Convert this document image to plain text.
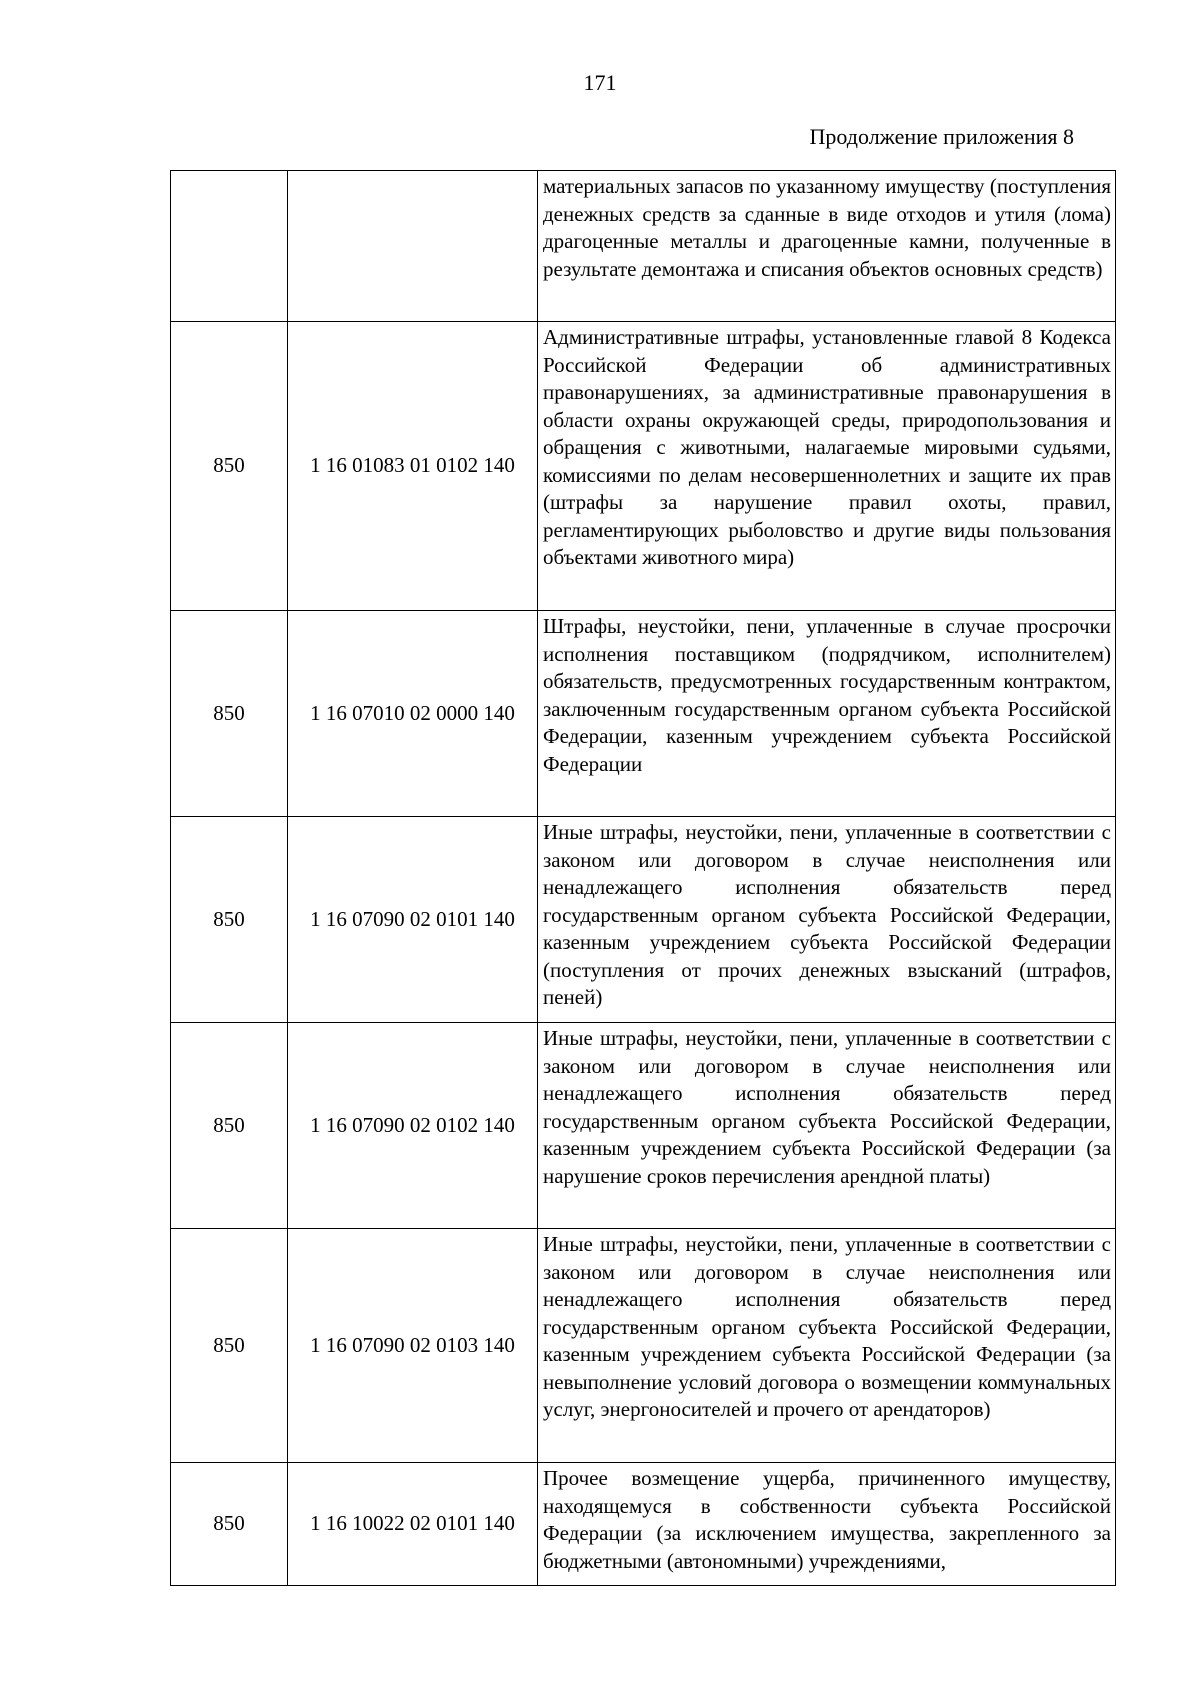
171
Продолжение приложения 8
		материальных запасов по указанному имуществу (поступления денежных средств за сданные в виде отходов и утиля (лома) драгоценные металлы и драгоценные камни, полученные в результате демонтажа и списания объектов основных средств)
850	1 16 01083 01 0102 140	Административные штрафы, установленные главой 8 Кодекса Российской Федерации об административных правонарушениях, за административные правонарушения в области охраны окружающей среды, природопользования и обращения с животными, налагаемые мировыми судьями, комиссиями по делам несовершеннолетних и защите их прав (штрафы за нарушение правил охоты, правил, регламентирующих рыболовство и другие виды пользования объектами животного мира)
850	1 16 07010 02 0000 140	Штрафы, неустойки, пени, уплаченные в случае просрочки исполнения поставщиком (подрядчиком, исполнителем) обязательств, предусмотренных государственным контрактом, заключенным государственным органом субъекта Российской Федерации, казенным учреждением субъекта Российской Федерации
850	1 16 07090 02 0101 140	Иные штрафы, неустойки, пени, уплаченные в соответствии с законом или договором в случае неисполнения или ненадлежащего исполнения обязательств перед государственным органом субъекта Российской Федерации, казенным учреждением субъекта Российской Федерации (поступления от прочих денежных взысканий (штрафов, пеней)
850	1 16 07090 02 0102 140	Иные штрафы, неустойки, пени, уплаченные в соответствии с законом или договором в случае неисполнения или ненадлежащего исполнения обязательств перед государственным органом субъекта Российской Федерации, казенным учреждением субъекта Российской Федерации (за нарушение сроков перечисления арендной платы)
850	1 16 07090 02 0103 140	Иные штрафы, неустойки, пени, уплаченные в соответствии с законом или договором в случае неисполнения или ненадлежащего исполнения обязательств перед государственным органом субъекта Российской Федерации, казенным учреждением субъекта Российской Федерации (за невыполнение условий договора о возмещении коммунальных услуг, энергоносителей и прочего от арендаторов)
850	1 16 10022 02 0101 140	Прочее возмещение ущерба, причиненного имуществу, находящемуся в собственности субъекта Российской Федерации (за исключением имущества, закрепленного за бюджетными (автономными) учреждениями,
